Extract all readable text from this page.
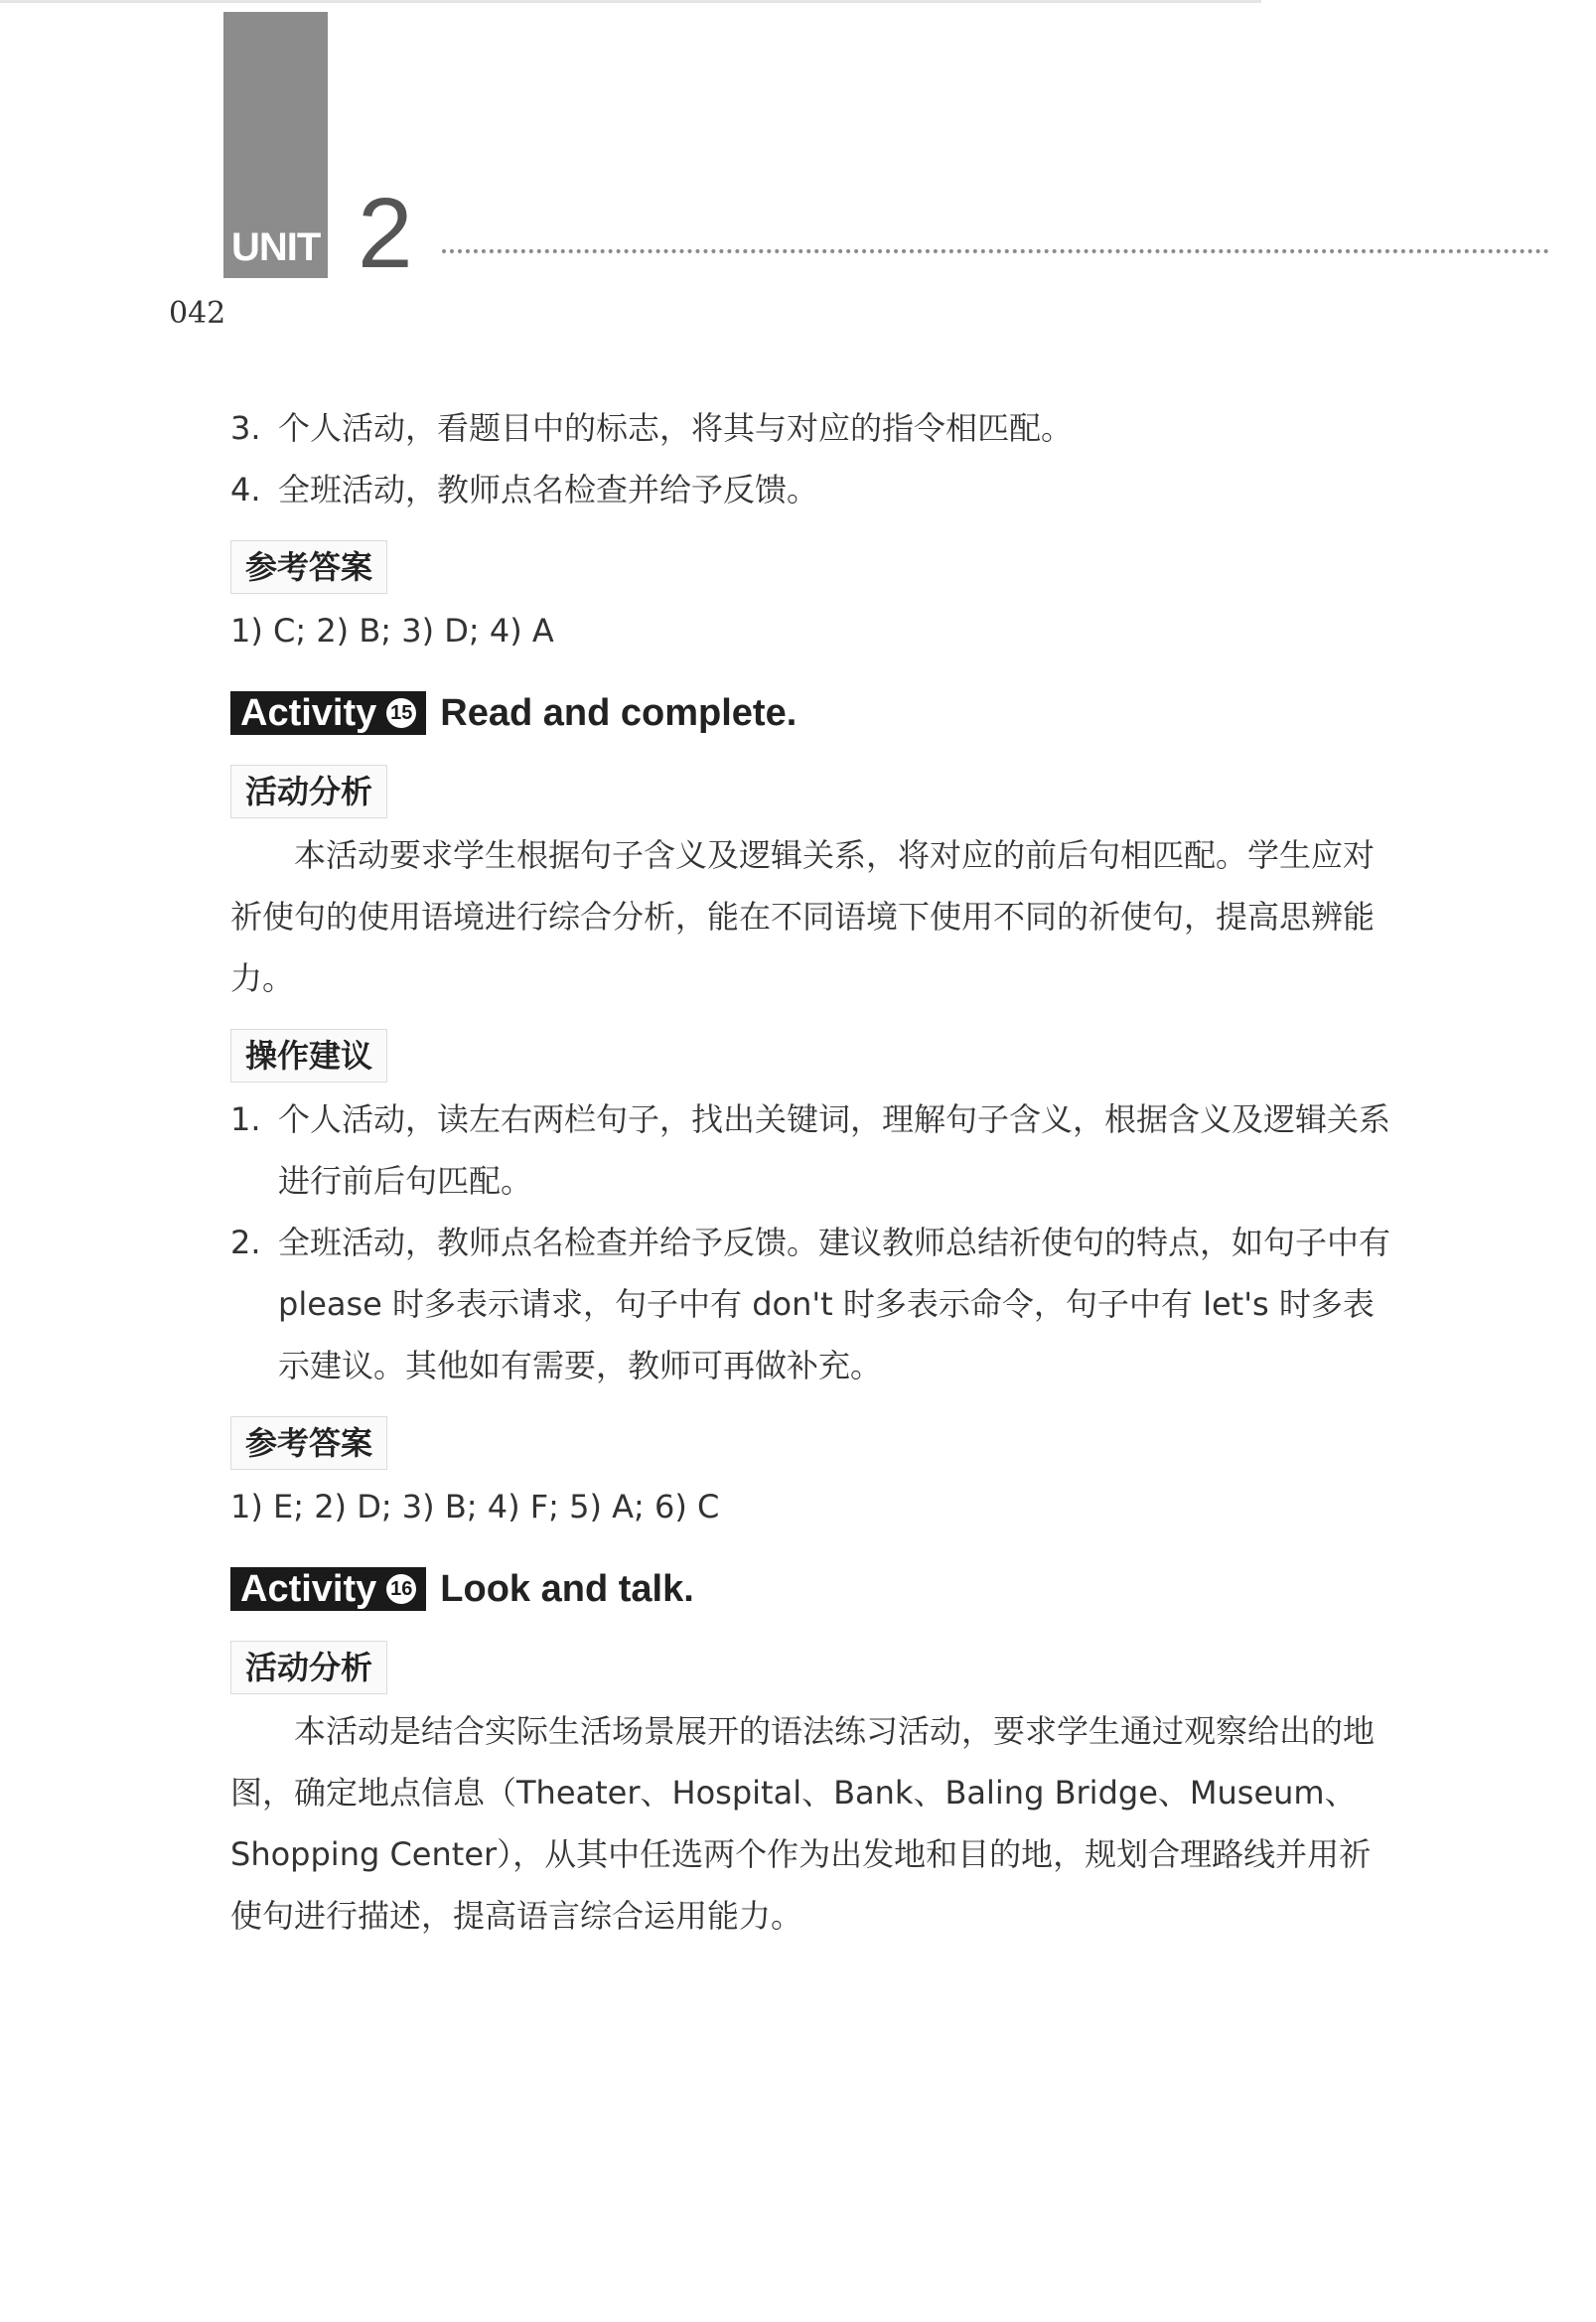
UNIT 2
042
3. 个人活动，看题目中的标志，将其与对应的指令相匹配。
4. 全班活动，教师点名检查并给予反馈。
参考答案
1) C; 2) B; 3) D; 4) A
Activity 15 Read and complete.
活动分析
本活动要求学生根据句子含义及逻辑关系，将对应的前后句相匹配。学生应对祈使句的使用语境进行综合分析，能在不同语境下使用不同的祈使句，提高思辨能力。
操作建议
1. 个人活动，读左右两栏句子，找出关键词，理解句子含义，根据含义及逻辑关系进行前后句匹配。
2. 全班活动，教师点名检查并给予反馈。建议教师总结祈使句的特点，如句子中有 please 时多表示请求，句子中有 don't 时多表示命令，句子中有 let's 时多表示建议。其他如有需要，教师可再做补充。
参考答案
1) E; 2) D; 3) B; 4) F; 5) A; 6) C
Activity 16 Look and talk.
活动分析
本活动是结合实际生活场景展开的语法练习活动，要求学生通过观察给出的地图，确定地点信息（Theater、Hospital、Bank、Baling Bridge、Museum、Shopping Center），从其中任选两个作为出发地和目的地，规划合理路线并用祈使句进行描述，提高语言综合运用能力。
